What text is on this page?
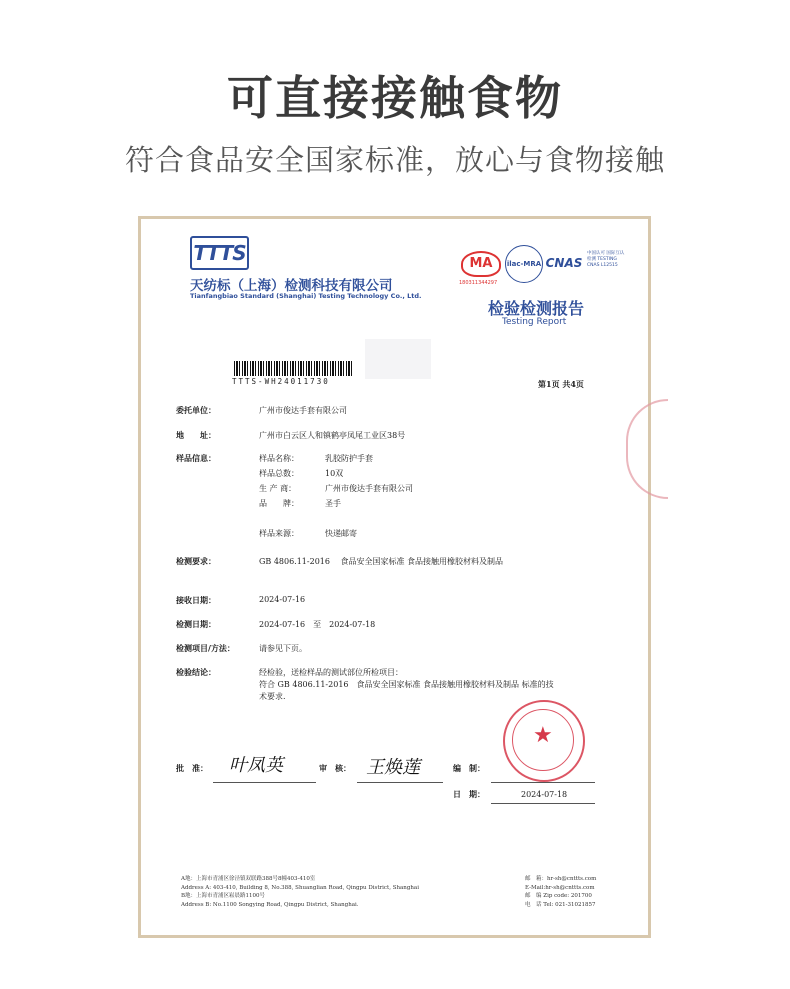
可直接接触食物
符合食品安全国家标准，放心与食物接触
TTTS
天纺标（上海）检测科技有限公司
Tianfangbiao Standard (Shanghai) Testing Technology Co., Ltd.
MA
180311344297
ilac-MRA CNAS
中国认可 国际互认 检测 TESTING CNAS L12515
检验检测报告
Testing Report
TTTS-WH24011730	第1页 共4页
委托单位：	广州市俊达手套有限公司
地　　址：	广州市白云区人和镇鹤亭凤尾工业区38号
样品信息：	样品名称：	乳胶防护手套
样品总数：	10双
生 产 商：	广州市俊达手套有限公司
品　　牌：	圣手
样品来源：	快递邮寄
检测要求：	GB 4806.11-2016　 食品安全国家标准 食品接触用橡胶材料及制品
接收日期：	2024-07-16
检测日期：	2024-07-16　至　2024-07-18
检测项目/方法：	请参见下页。
检验结论：	经检验，送检样品的测试部位所检项目：
符合 GB 4806.11-2016　食品安全国家标准 食品接触用橡胶材料及制品 标准的技
术要求.
★
批　准： 叶凤英	审　核： 王焕莲	编　制：
日　期：	2024-07-18
A地：上海市青浦区徐泾镇双联路388号8幢403-410室
Address A: 403-410, Building 8, No.388, Shuanglian Road, Qingpu District, Shanghai
B地：上海市青浦区崧晨路1100号
Address B: No.1100 Songying Road, Qingpu District, Shanghai.
邮　箱：hr-sh@cnttts.com
E-Mail:hr-sh@cnttts.com
邮　编 Zip code: 201700
电　话 Tel: 021-31021857
